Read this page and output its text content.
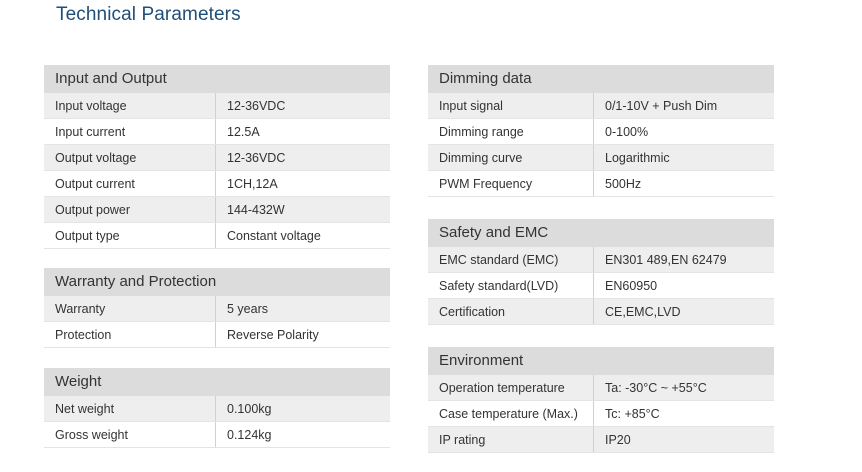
Technical Parameters
Input and Output
Input voltage	12-36VDC
Input current	12.5A
Output voltage	12-36VDC
Output current	1CH,12A
Output power	144-432W
Output type	Constant voltage
Warranty and Protection
Warranty	5 years
Protection	Reverse Polarity
Weight
Net weight	0.100kg
Gross weight	0.124kg
Dimming data
Input signal	0/1-10V + Push Dim
Dimming range	0-100%
Dimming curve	Logarithmic
PWM Frequency	500Hz
Safety and EMC
EMC standard (EMC)	EN301 489,EN 62479
Safety standard(LVD)	EN60950
Certification	CE,EMC,LVD
Environment
Operation temperature	Ta: -30°C ~ +55°C
Case temperature (Max.)	Tc: +85°C
IP rating	IP20
